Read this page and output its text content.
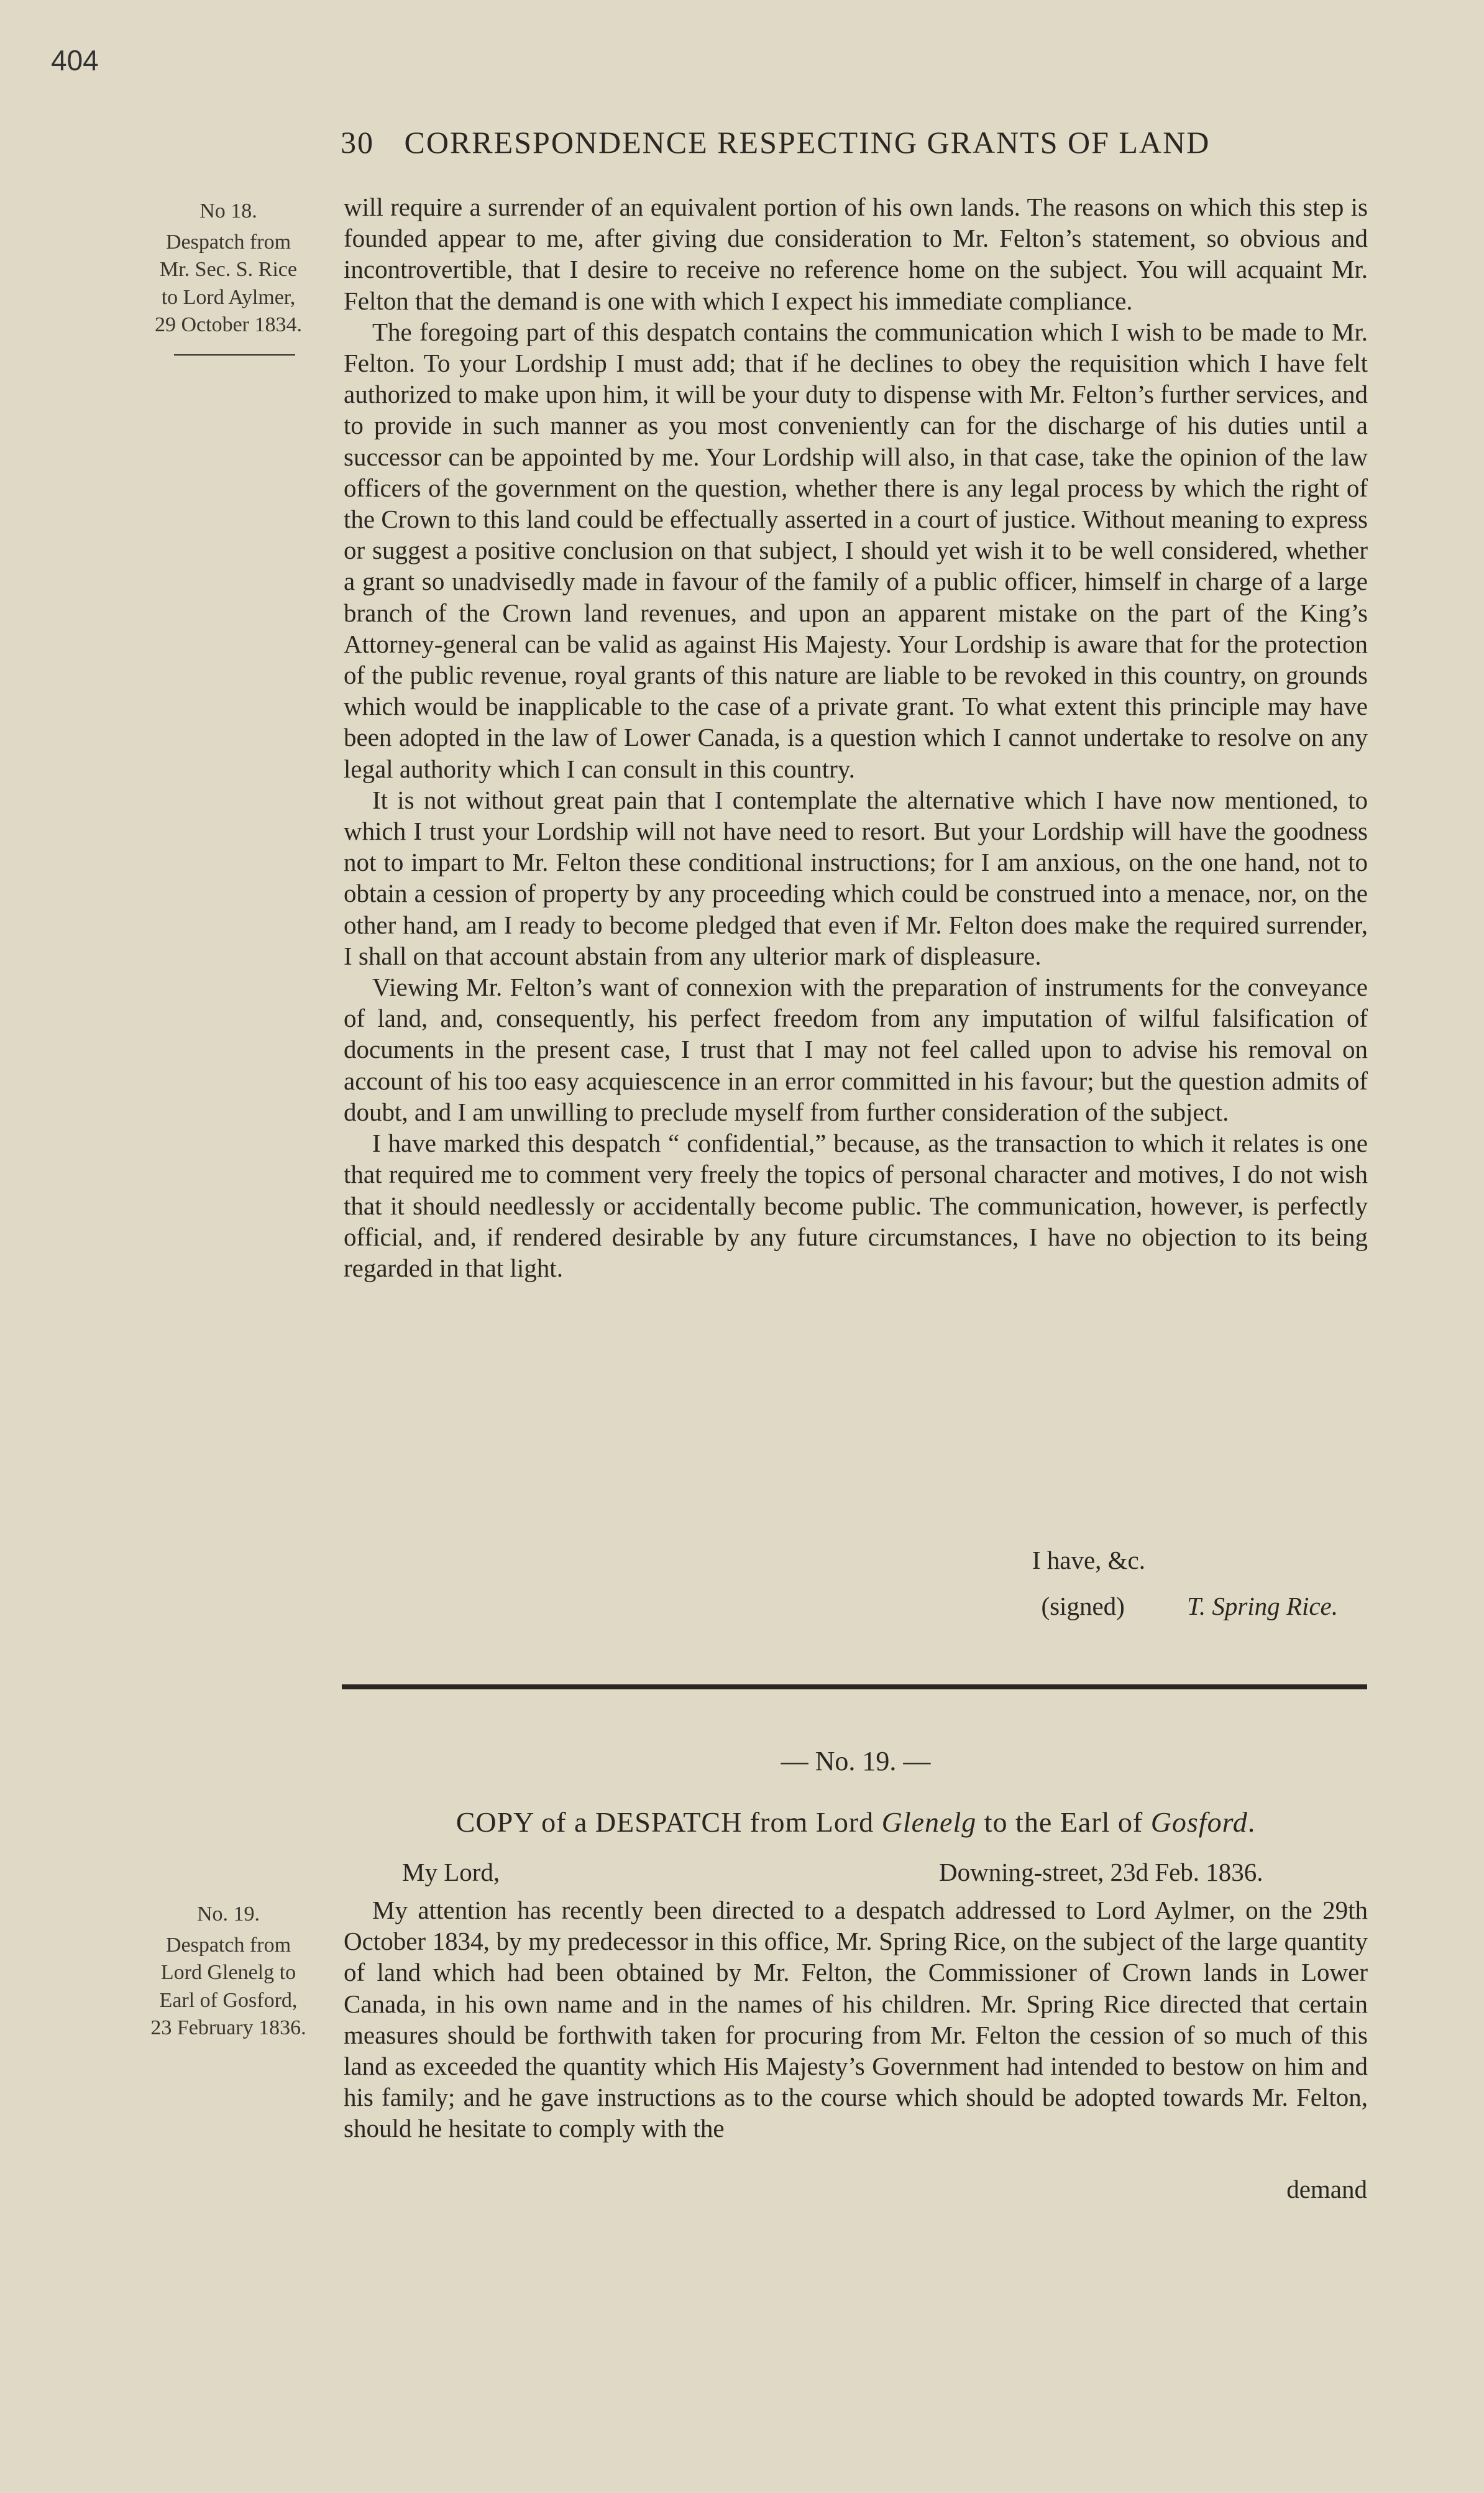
404
30 CORRESPONDENCE RESPECTING GRANTS OF LAND
No 18.
Despatch from
Mr. Sec. S. Rice
to Lord Aylmer,
29 October 1834.

will require a surrender of an equivalent portion of his own lands. The reasons on which this step is founded appear to me, after giving due consideration to Mr. Felton’s statement, so obvious and incontrovertible, that I desire to receive no reference home on the subject. You will acquaint Mr. Felton that the demand is one with which I expect his immediate compliance.

The foregoing part of this despatch contains the communication which I wish to be made to Mr. Felton. To your Lordship I must add; that if he declines to obey the requisition which I have felt authorized to make upon him, it will be your duty to dispense with Mr. Felton’s further services, and to provide in such manner as you most conveniently can for the discharge of his duties until a successor can be appointed by me. Your Lordship will also, in that case, take the opinion of the law officers of the government on the question, whether there is any legal process by which the right of the Crown to this land could be effectually asserted in a court of justice. Without meaning to express or suggest a positive conclusion on that subject, I should yet wish it to be well considered, whether a grant so unadvisedly made in favour of the family of a public officer, himself in charge of a large branch of the Crown land revenues, and upon an apparent mistake on the part of the King’s Attorney-general can be valid as against His Majesty. Your Lordship is aware that for the protection of the public revenue, royal grants of this nature are liable to be revoked in this country, on grounds which would be inapplicable to the case of a private grant. To what extent this principle may have been adopted in the law of Lower Canada, is a question which I cannot undertake to resolve on any legal authority which I can consult in this country.

It is not without great pain that I contemplate the alternative which I have now mentioned, to which I trust your Lordship will not have need to resort. But your Lordship will have the goodness not to impart to Mr. Felton these conditional instructions; for I am anxious, on the one hand, not to obtain a cession of property by any proceeding which could be construed into a menace, nor, on the other hand, am I ready to become pledged that even if Mr. Felton does make the required surrender, I shall on that account abstain from any ulterior mark of displeasure.

Viewing Mr. Felton’s want of connexion with the preparation of instruments for the conveyance of land, and, consequently, his perfect freedom from any imputation of wilful falsification of documents in the present case, I trust that I may not feel called upon to advise his removal on account of his too easy acquiescence in an error committed in his favour; but the question admits of doubt, and I am unwilling to preclude myself from further consideration of the subject.

I have marked this despatch “ confidential,” because, as the transaction to which it relates is one that required me to comment very freely the topics of personal character and motives, I do not wish that it should needlessly or accidentally become public. The communication, however, is perfectly official, and, if rendered desirable by any future circumstances, I have no objection to its being regarded in that light.

I have, &c.
(signed) T. Spring Rice.
— No. 19. —
COPY of a DESPATCH from Lord Glenelg to the Earl of Gosford.
My Lord,	Downing-street, 23d Feb. 1836.
No. 19.
Despatch from
Lord Glenelg to
Earl of Gosford,
23 February 1836.

My attention has recently been directed to a despatch addressed to Lord Aylmer, on the 29th October 1834, by my predecessor in this office, Mr. Spring Rice, on the subject of the large quantity of land which had been obtained by Mr. Felton, the Commissioner of Crown lands in Lower Canada, in his own name and in the names of his children. Mr. Spring Rice directed that certain measures should be forthwith taken for procuring from Mr. Felton the cession of so much of this land as exceeded the quantity which His Majesty’s Government had intended to bestow on him and his family; and he gave instructions as to the course which should be adopted towards Mr. Felton, should he hesitate to comply with the

demand
